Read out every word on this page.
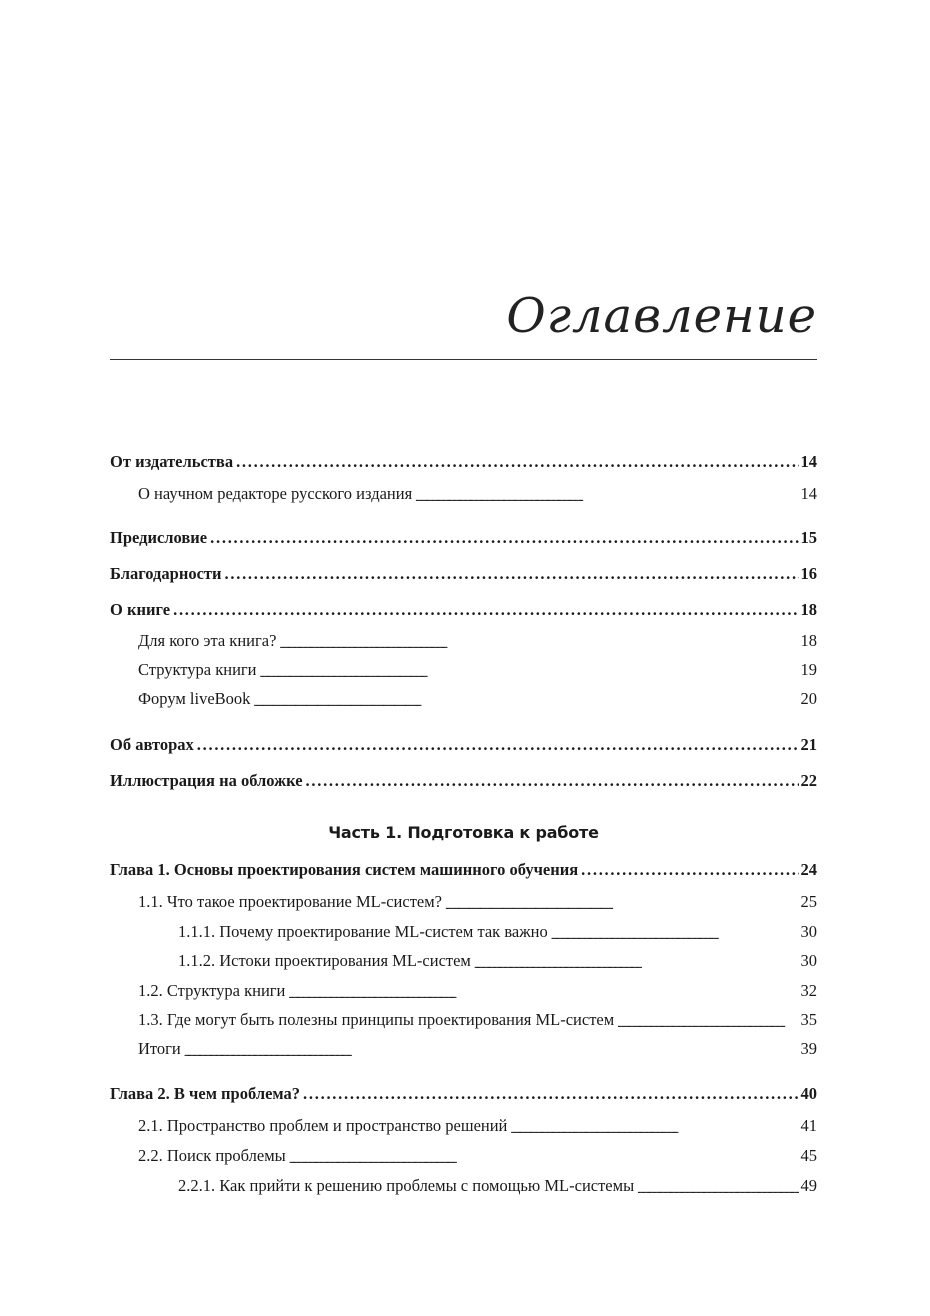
Оглавление
От издательства . . .	14
О научном редакторе русского издания . . .	14
Предисловие . . .	15
Благодарности . . .	16
О книге . . .	18
Для кого эта книга? . . .	18
Структура книги . . .	19
Форум liveBook . . .	20
Об авторах . . .	21
Иллюстрация на обложке . . .	22
Часть 1. Подготовка к работе
Глава 1. Основы проектирования систем машинного обучения . . .	24
1.1. Что такое проектирование ML-систем? . . .	25
1.1.1. Почему проектирование ML-систем так важно . . .	30
1.1.2. Истоки проектирования ML-систем . . .	30
1.2. Структура книги . . .	32
1.3. Где могут быть полезны принципы проектирования ML-систем . . .	35
Итоги . . .	39
Глава 2. В чем проблема? . . .	40
2.1. Пространство проблем и пространство решений . . .	41
2.2. Поиск проблемы . . .	45
2.2.1. Как прийти к решению проблемы с помощью ML-системы . . .	49
